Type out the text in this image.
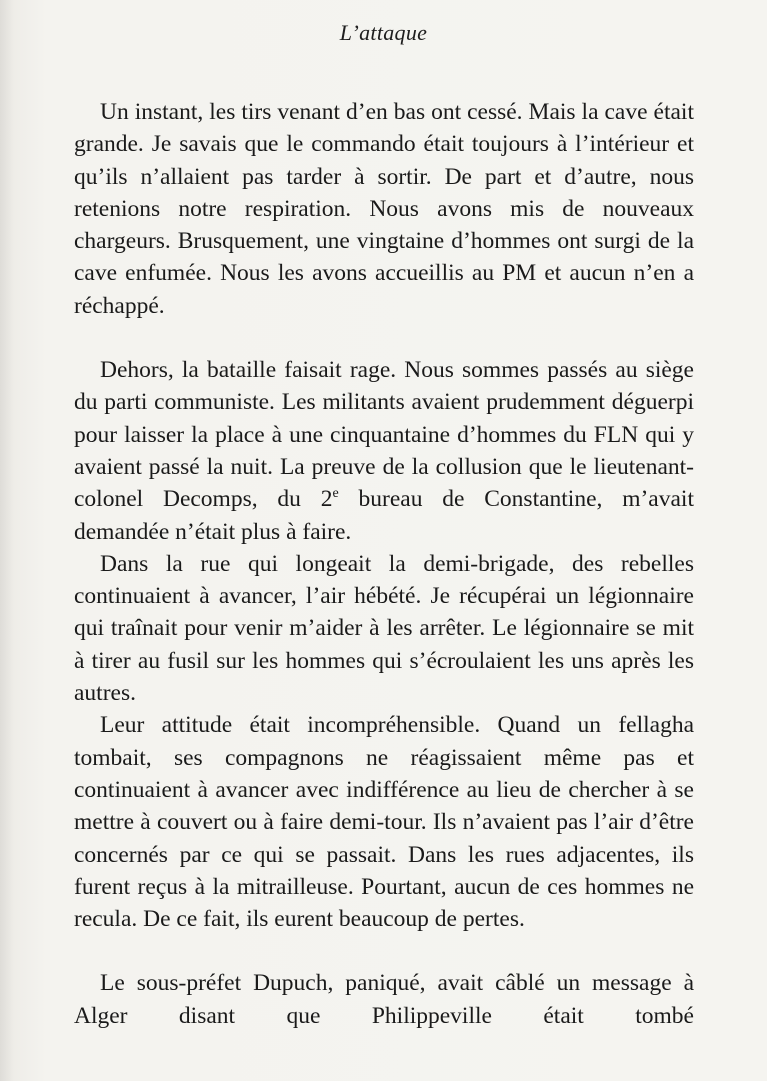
L’attaque

Un instant, les tirs venant d’en bas ont cessé. Mais la cave était grande. Je savais que le commando était toujours à l’intérieur et qu’ils n’allaient pas tarder à sortir. De part et d’autre, nous retenions notre respiration. Nous avons mis de nouveaux chargeurs. Brusquement, une vingtaine d’hommes ont surgi de la cave enfumée. Nous les avons accueillis au PM et aucun n’en a réchappé.

Dehors, la bataille faisait rage. Nous sommes passés au siège du parti communiste. Les militants avaient prudemment déguerpi pour laisser la place à une cinquantaine d’hommes du FLN qui y avaient passé la nuit. La preuve de la collusion que le lieutenant-colonel Decomps, du 2e bureau de Constantine, m’avait demandée n’était plus à faire.

Dans la rue qui longeait la demi-brigade, des rebelles continuaient à avancer, l’air hébété. Je récupérai un légionnaire qui traînait pour venir m’aider à les arrêter. Le légionnaire se mit à tirer au fusil sur les hommes qui s’écroulaient les uns après les autres.

Leur attitude était incompréhensible. Quand un fellagha tombait, ses compagnons ne réagissaient même pas et continuaient à avancer avec indifférence au lieu de chercher à se mettre à couvert ou à faire demi-tour. Ils n’avaient pas l’air d’être concernés par ce qui se passait. Dans les rues adjacentes, ils furent reçus à la mitrailleuse. Pourtant, aucun de ces hommes ne recula. De ce fait, ils eurent beaucoup de pertes.

Le sous-préfet Dupuch, paniqué, avait câblé un message à Alger disant que Philippeville était tombé
